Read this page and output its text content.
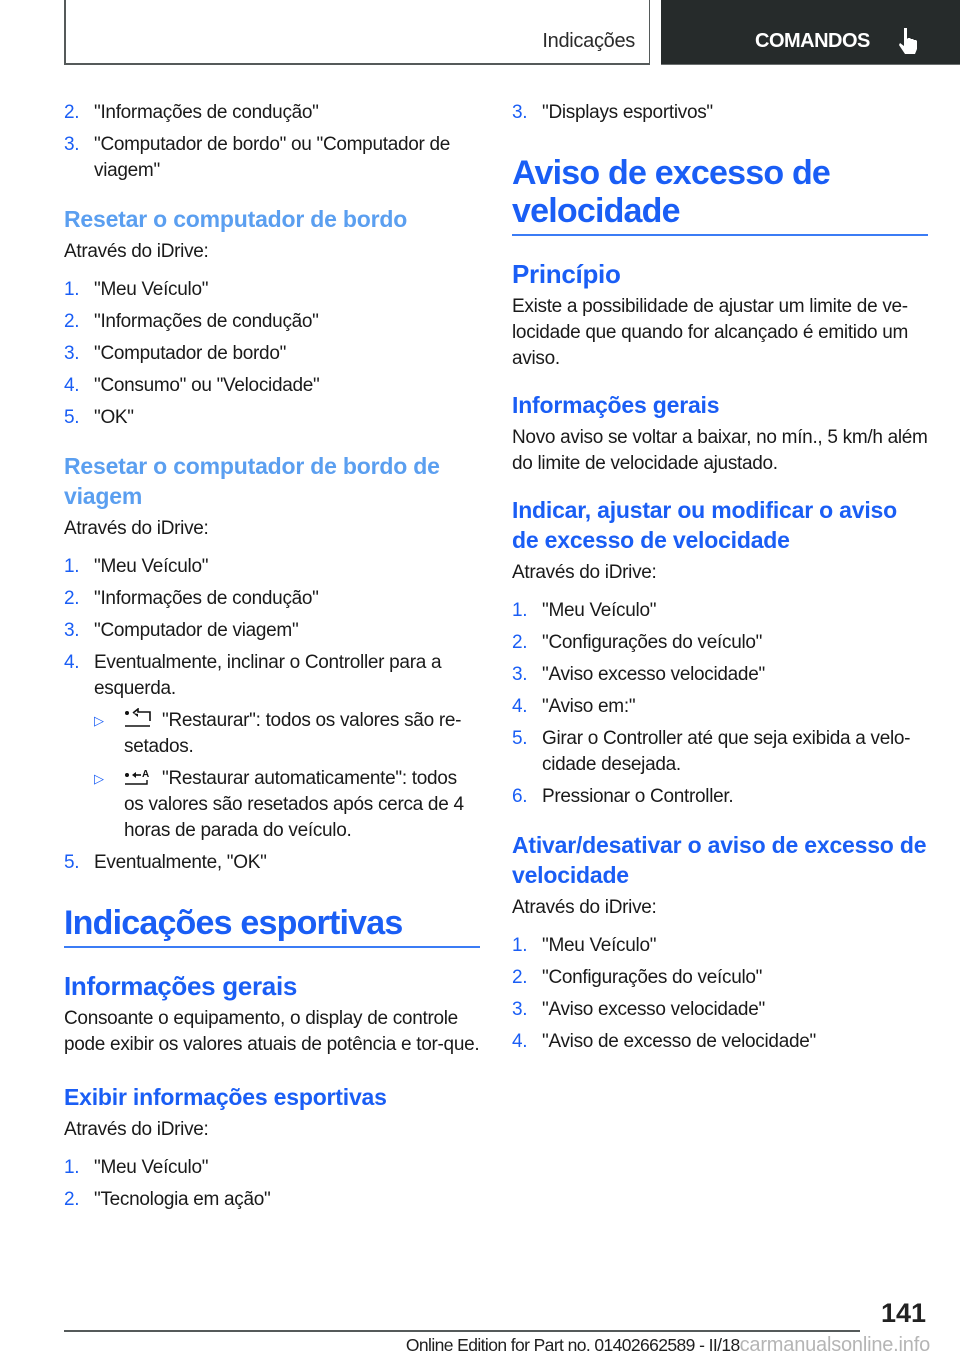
Indicações	COMANDOS
2. "Informações de condução"
3. "Computador de bordo" ou "Computador de viagem"
Resetar o computador de bordo
Através do iDrive:
1. "Meu Veículo"
2. "Informações de condução"
3. "Computador de bordo"
4. "Consumo" ou "Velocidade"
5. "OK"
Resetar o computador de bordo de viagem
Através do iDrive:
1. "Meu Veículo"
2. "Informações de condução"
3. "Computador de viagem"
4. Eventualmente, inclinar o Controller para a esquerda.
▷	"Restaurar": todos os valores são re-setados.
▷	A "Restaurar automaticamente": todos os valores são resetados após cerca de 4 horas de parada do veículo.
5. Eventualmente, "OK"
Indicações esportivas
Informações gerais
Consoante o equipamento, o display de controle pode exibir os valores atuais de potência e tor-que.
Exibir informações esportivas
Através do iDrive:
1. "Meu Veículo"
2. "Tecnologia em ação"
3. "Displays esportivos"
Aviso de excesso de velocidade
Princípio
Existe a possibilidade de ajustar um limite de ve-locidade que quando for alcançado é emitido um aviso.
Informações gerais
Novo aviso se voltar a baixar, no mín., 5 km/h além do limite de velocidade ajustado.
Indicar, ajustar ou modificar o aviso de excesso de velocidade
Através do iDrive:
1. "Meu Veículo"
2. "Configurações do veículo"
3. "Aviso excesso velocidade"
4. "Aviso em:"
5. Girar o Controller até que seja exibida a velo-cidade desejada.
6. Pressionar o Controller.
Ativar/desativar o aviso de excesso de velocidade
Através do iDrive:
1. "Meu Veículo"
2. "Configurações do veículo"
3. "Aviso excesso velocidade"
4. "Aviso de excesso de velocidade"
141
Online Edition for Part no. 01402662589 - II/18carmanualsonline.info
